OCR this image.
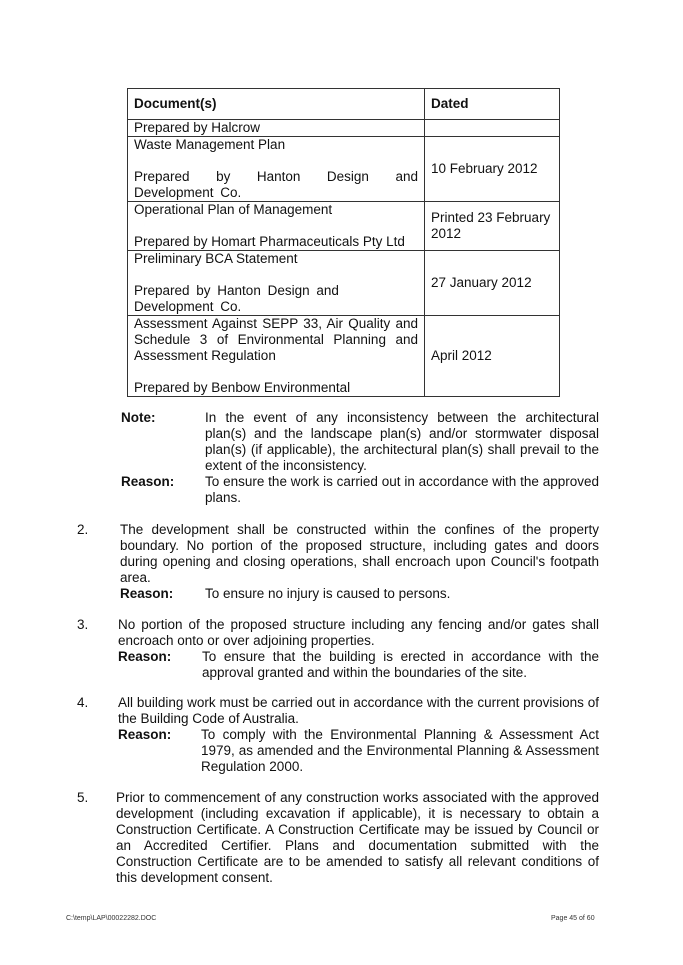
Document(s)	Dated
Prepared by Halcrow	

Waste Management Plan
Prepared by Hanton Design and Development Co.	10 February 2012

Operational Plan of Management
Prepared by Homart Pharmaceuticals Pty Ltd	Printed 23 February 2012

Preliminary BCA Statement
Prepared by Hanton Design and Development Co.	27 January 2012

Assessment Against SEPP 33, Air Quality and Schedule 3 of Environmental Planning and Assessment Regulation
Prepared by Benbow Environmental	April 2012
Note:	In the event of any inconsistency between the architectural plan(s) and the landscape plan(s) and/or stormwater disposal plan(s) (if applicable), the architectural plan(s) shall prevail to the extent of the inconsistency.
Reason: To ensure the work is carried out in accordance with the approved plans.
2. The development shall be constructed within the confines of the property boundary. No portion of the proposed structure, including gates and doors during opening and closing operations, shall encroach upon Council's footpath area.
Reason: To ensure no injury is caused to persons.
3. No portion of the proposed structure including any fencing and/or gates shall encroach onto or over adjoining properties.
Reason: To ensure that the building is erected in accordance with the approval granted and within the boundaries of the site.
4. All building work must be carried out in accordance with the current provisions of the Building Code of Australia.
Reason: To comply with the Environmental Planning & Assessment Act 1979, as amended and the Environmental Planning & Assessment Regulation 2000.
5. Prior to commencement of any construction works associated with the approved development (including excavation if applicable), it is necessary to obtain a Construction Certificate. A Construction Certificate may be issued by Council or an Accredited Certifier. Plans and documentation submitted with the Construction Certificate are to be amended to satisfy all relevant conditions of this development consent.
C:\temp\LAP\00022282.DOC	Page 45 of 60
